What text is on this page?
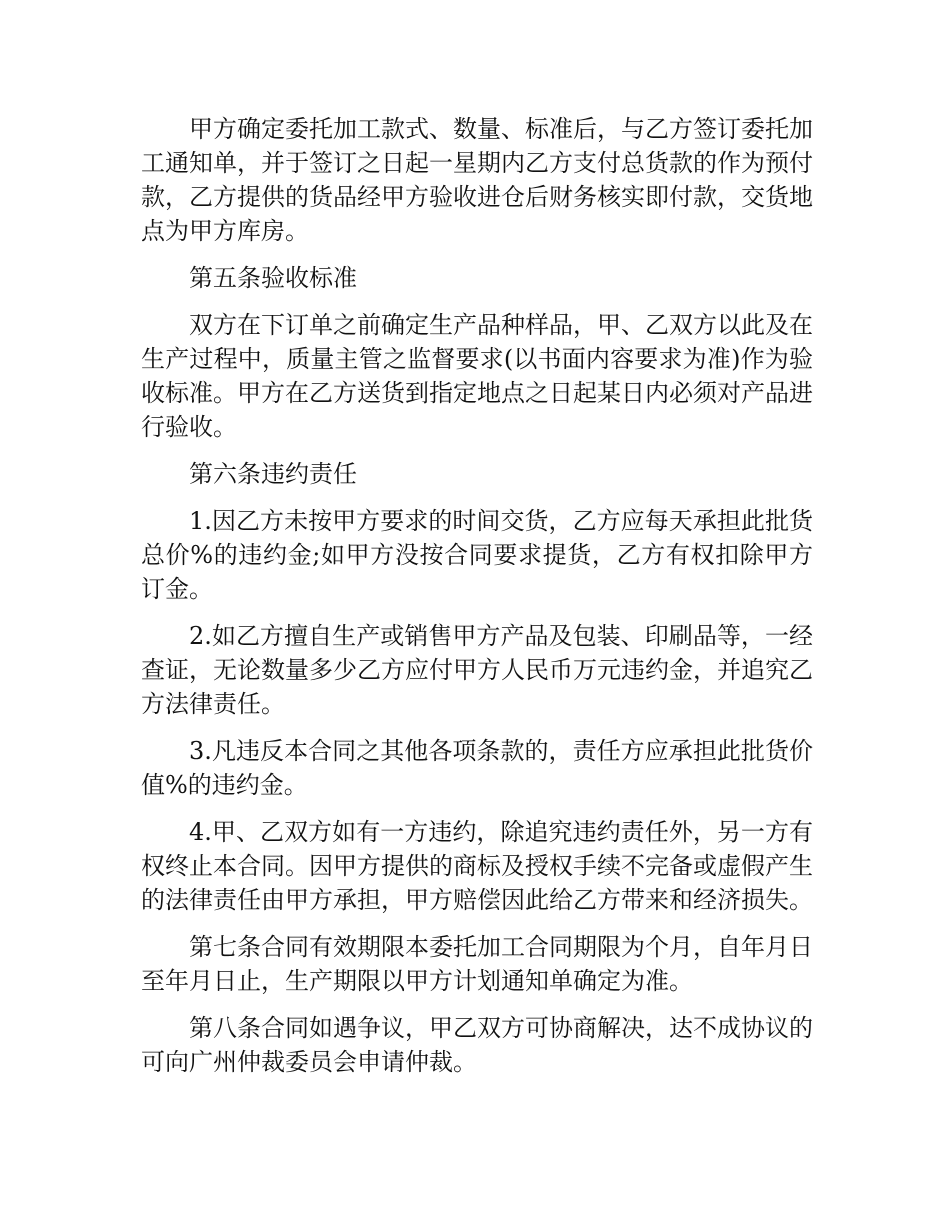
甲方确定委托加工款式、数量、标准后，与乙方签订委托加工通知单，并于签订之日起一星期内乙方支付总货款的作为预付款，乙方提供的货品经甲方验收进仓后财务核实即付款，交货地点为甲方库房。

第五条验收标准

双方在下订单之前确定生产品种样品，甲、乙双方以此及在生产过程中，质量主管之监督要求(以书面内容要求为准)作为验收标准。甲方在乙方送货到指定地点之日起某日内必须对产品进行验收。

第六条违约责任

1.因乙方未按甲方要求的时间交货，乙方应每天承担此批货总价%的违约金;如甲方没按合同要求提货，乙方有权扣除甲方订金。

2.如乙方擅自生产或销售甲方产品及包装、印刷品等，一经查证，无论数量多少乙方应付甲方人民币万元违约金，并追究乙方法律责任。

3.凡违反本合同之其他各项条款的，责任方应承担此批货价值%的违约金。

4.甲、乙双方如有一方违约，除追究违约责任外，另一方有权终止本合同。因甲方提供的商标及授权手续不完备或虚假产生的法律责任由甲方承担，甲方赔偿因此给乙方带来和经济损失。

第七条合同有效期限本委托加工合同期限为个月，自年月日至年月日止，生产期限以甲方计划通知单确定为准。

第八条合同如遇争议，甲乙双方可协商解决，达不成协议的可向广州仲裁委员会申请仲裁。
